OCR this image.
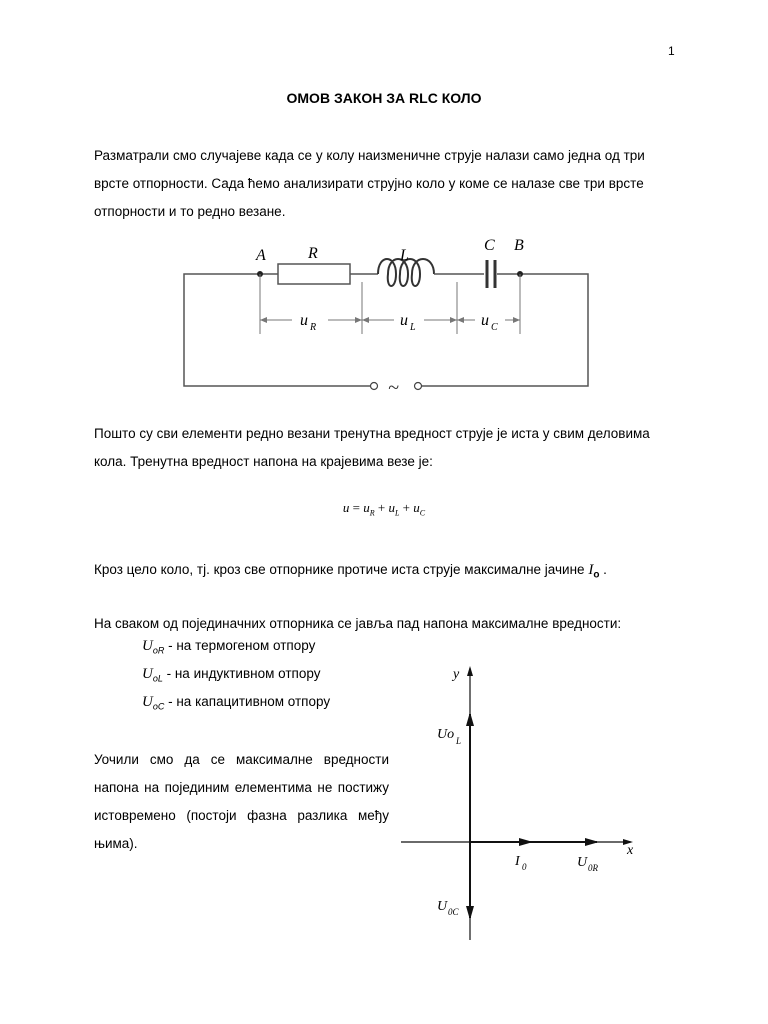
1
ОМОВ ЗАКОН ЗА RLC КОЛО
Разматрали смо случајеве када се у колу наизменичне струје налази само једна од три врсте отпорности. Сада ћемо анализирати струјно коло у коме се налазе све три врсте отпорности и то редно везане.
~
A
B
R	L
C
u R	u L	u C
Пошто су сви елементи редно везани тренутна вредност струје је иста у свим деловима кола. Тренутна вредност напона на крајевима везе је:
$u = u_R + u_L + u_C$
Кроз цело коло, тј. кроз све отпорнике протиче иста струје максималне јачине $I_o$ .
На сваком од појединачних отпорника се јавља пад напона максималне вредности:
$U_{oR}$ - на термогеном отпору
$U_{oL}$ - на индуктивном отпору
$U_{oC}$ - на капацитивном отпору
Уочили смо да се максималне вредности напона на појединим елементима не постижу истовремено (постоји фазна разлика међу њима).
y
x
Uo L
I 0	U 0R
U 0C
